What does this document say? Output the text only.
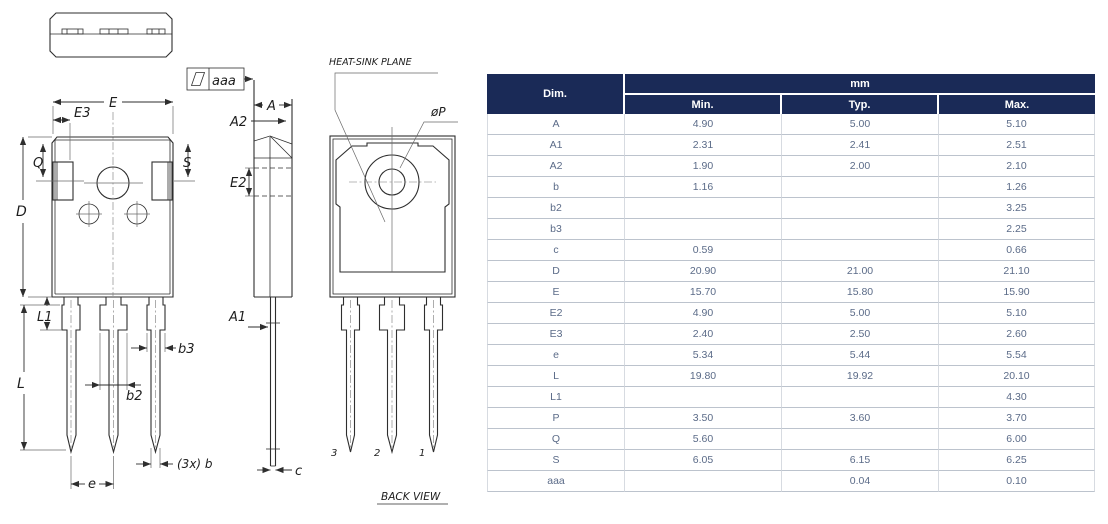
aaa
E
E3
Q	S
D
L1
L
b3
b2
(3x) b
e
A
A2
E2
A1
c
3	2	1
HEAT-SINK PLANE
øP
BACK VIEW
Dim.	mm		
	Min.	Typ.	Max.
A	4.90	5.00	5.10
A1	2.31	2.41	2.51
A2	1.90	2.00	2.10
b	1.16		1.26
b2			3.25
b3			2.25
c	0.59		0.66
D	20.90	21.00	21.10
E	15.70	15.80	15.90
E2	4.90	5.00	5.10
E3	2.40	2.50	2.60
e	5.34	5.44	5.54
L	19.80	19.92	20.10
L1			4.30
P	3.50	3.60	3.70
Q	5.60		6.00
S	6.05	6.15	6.25
aaa		0.04	0.10
